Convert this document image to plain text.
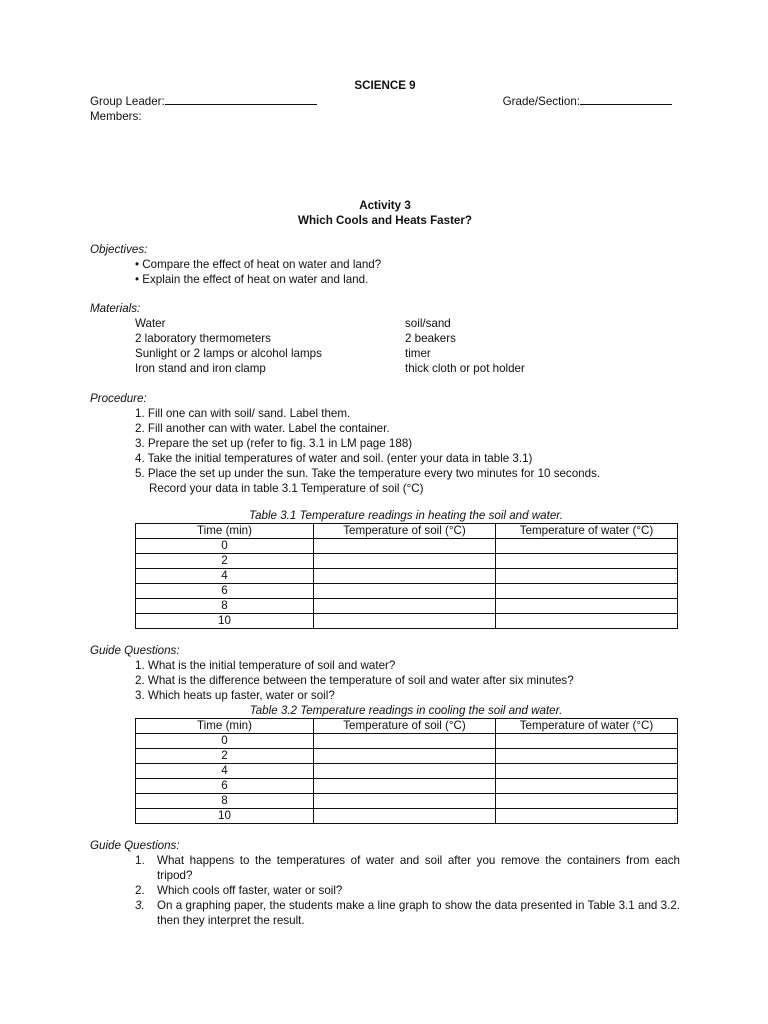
SCIENCE 9
Group Leader:	Grade/Section:
Members:
Activity 3
Which Cools and Heats Faster?
Objectives:
• Compare the effect of heat on water and land?
• Explain the effect of heat on water and land.
Materials:
Water	soil/sand
2 laboratory thermometers	2 beakers
Sunlight or 2 lamps or alcohol lamps	timer
Iron stand and iron clamp	thick cloth or pot holder
Procedure:
1. Fill one can with soil/ sand. Label them.
2. Fill another can with water. Label the container.
3. Prepare the set up (refer to fig. 3.1 in LM page 188)
4. Take the initial temperatures of water and soil. (enter your data in table 3.1)
5. Place the set up under the sun. Take the temperature every two minutes for 10 seconds.
Record your data in table 3.1 Temperature of soil (°C)
Table 3.1 Temperature readings in heating the soil and water.
Time (min)	Temperature of soil (°C)	Temperature of water (°C)
0		
2		
4		
6		
8		
10		
Guide Questions:
1. What is the initial temperature of soil and water?
2. What is the difference between the temperature of soil and water after six minutes?
3. Which heats up faster, water or soil?
Table 3.2 Temperature readings in cooling the soil and water.
Time (min)	Temperature of soil (°C)	Temperature of water (°C)
0		
2		
4		
6		
8		
10		
Guide Questions:
1.	What happens to the temperatures of water and soil after you remove the containers from each tripod?
2.	Which cools off faster, water or soil?
3.	On a graphing paper, the students make a line graph to show the data presented in Table 3.1 and 3.2. then they interpret the result.
